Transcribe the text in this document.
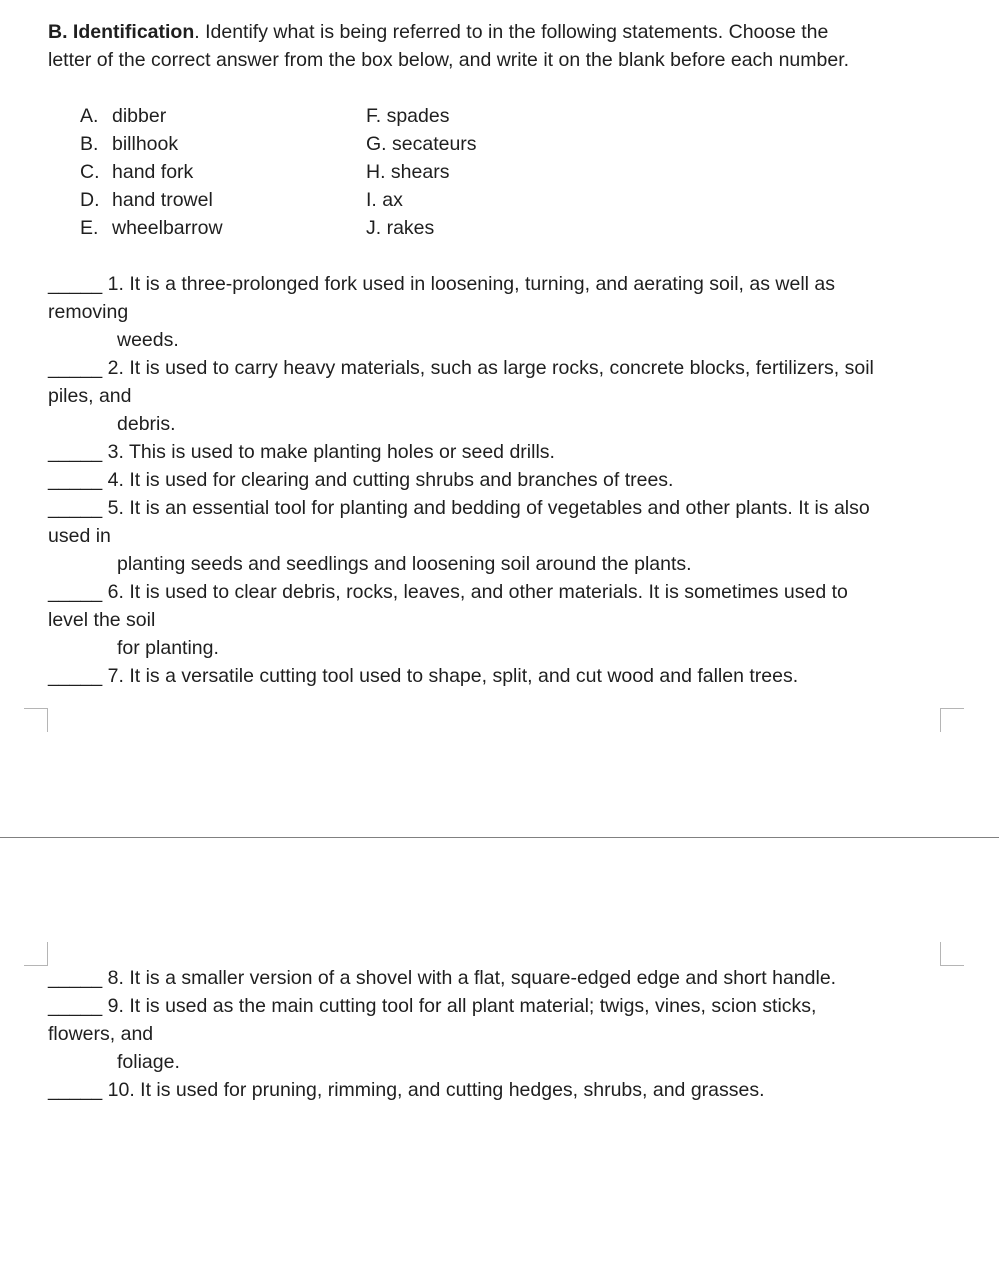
B. Identification. Identify what is being referred to in the following statements. Choose the
letter of the correct answer from the box below, and write it on the blank before each number.
A. dibber
B. billhook
C. hand fork
D. hand trowel
E. wheelbarrow
F. spades
G. secateurs
H. shears
I. ax
J. rakes
_____ 1. It is a three-prolonged fork used in loosening, turning, and aerating soil, as well as
removing
weeds.
_____ 2. It is used to carry heavy materials, such as large rocks, concrete blocks, fertilizers, soil
piles, and
debris.
_____ 3. This is used to make planting holes or seed drills.
_____ 4. It is used for clearing and cutting shrubs and branches of trees.
_____ 5. It is an essential tool for planting and bedding of vegetables and other plants. It is also
used in
planting seeds and seedlings and loosening soil around the plants.
_____ 6. It is used to clear debris, rocks, leaves, and other materials. It is sometimes used to
level the soil
for planting.
_____ 7. It is a versatile cutting tool used to shape, split, and cut wood and fallen trees.
_____ 8. It is a smaller version of a shovel with a flat, square-edged edge and short handle.
_____ 9. It is used as the main cutting tool for all plant material; twigs, vines, scion sticks,
flowers, and
foliage.
_____ 10. It is used for pruning, rimming, and cutting hedges, shrubs, and grasses.
